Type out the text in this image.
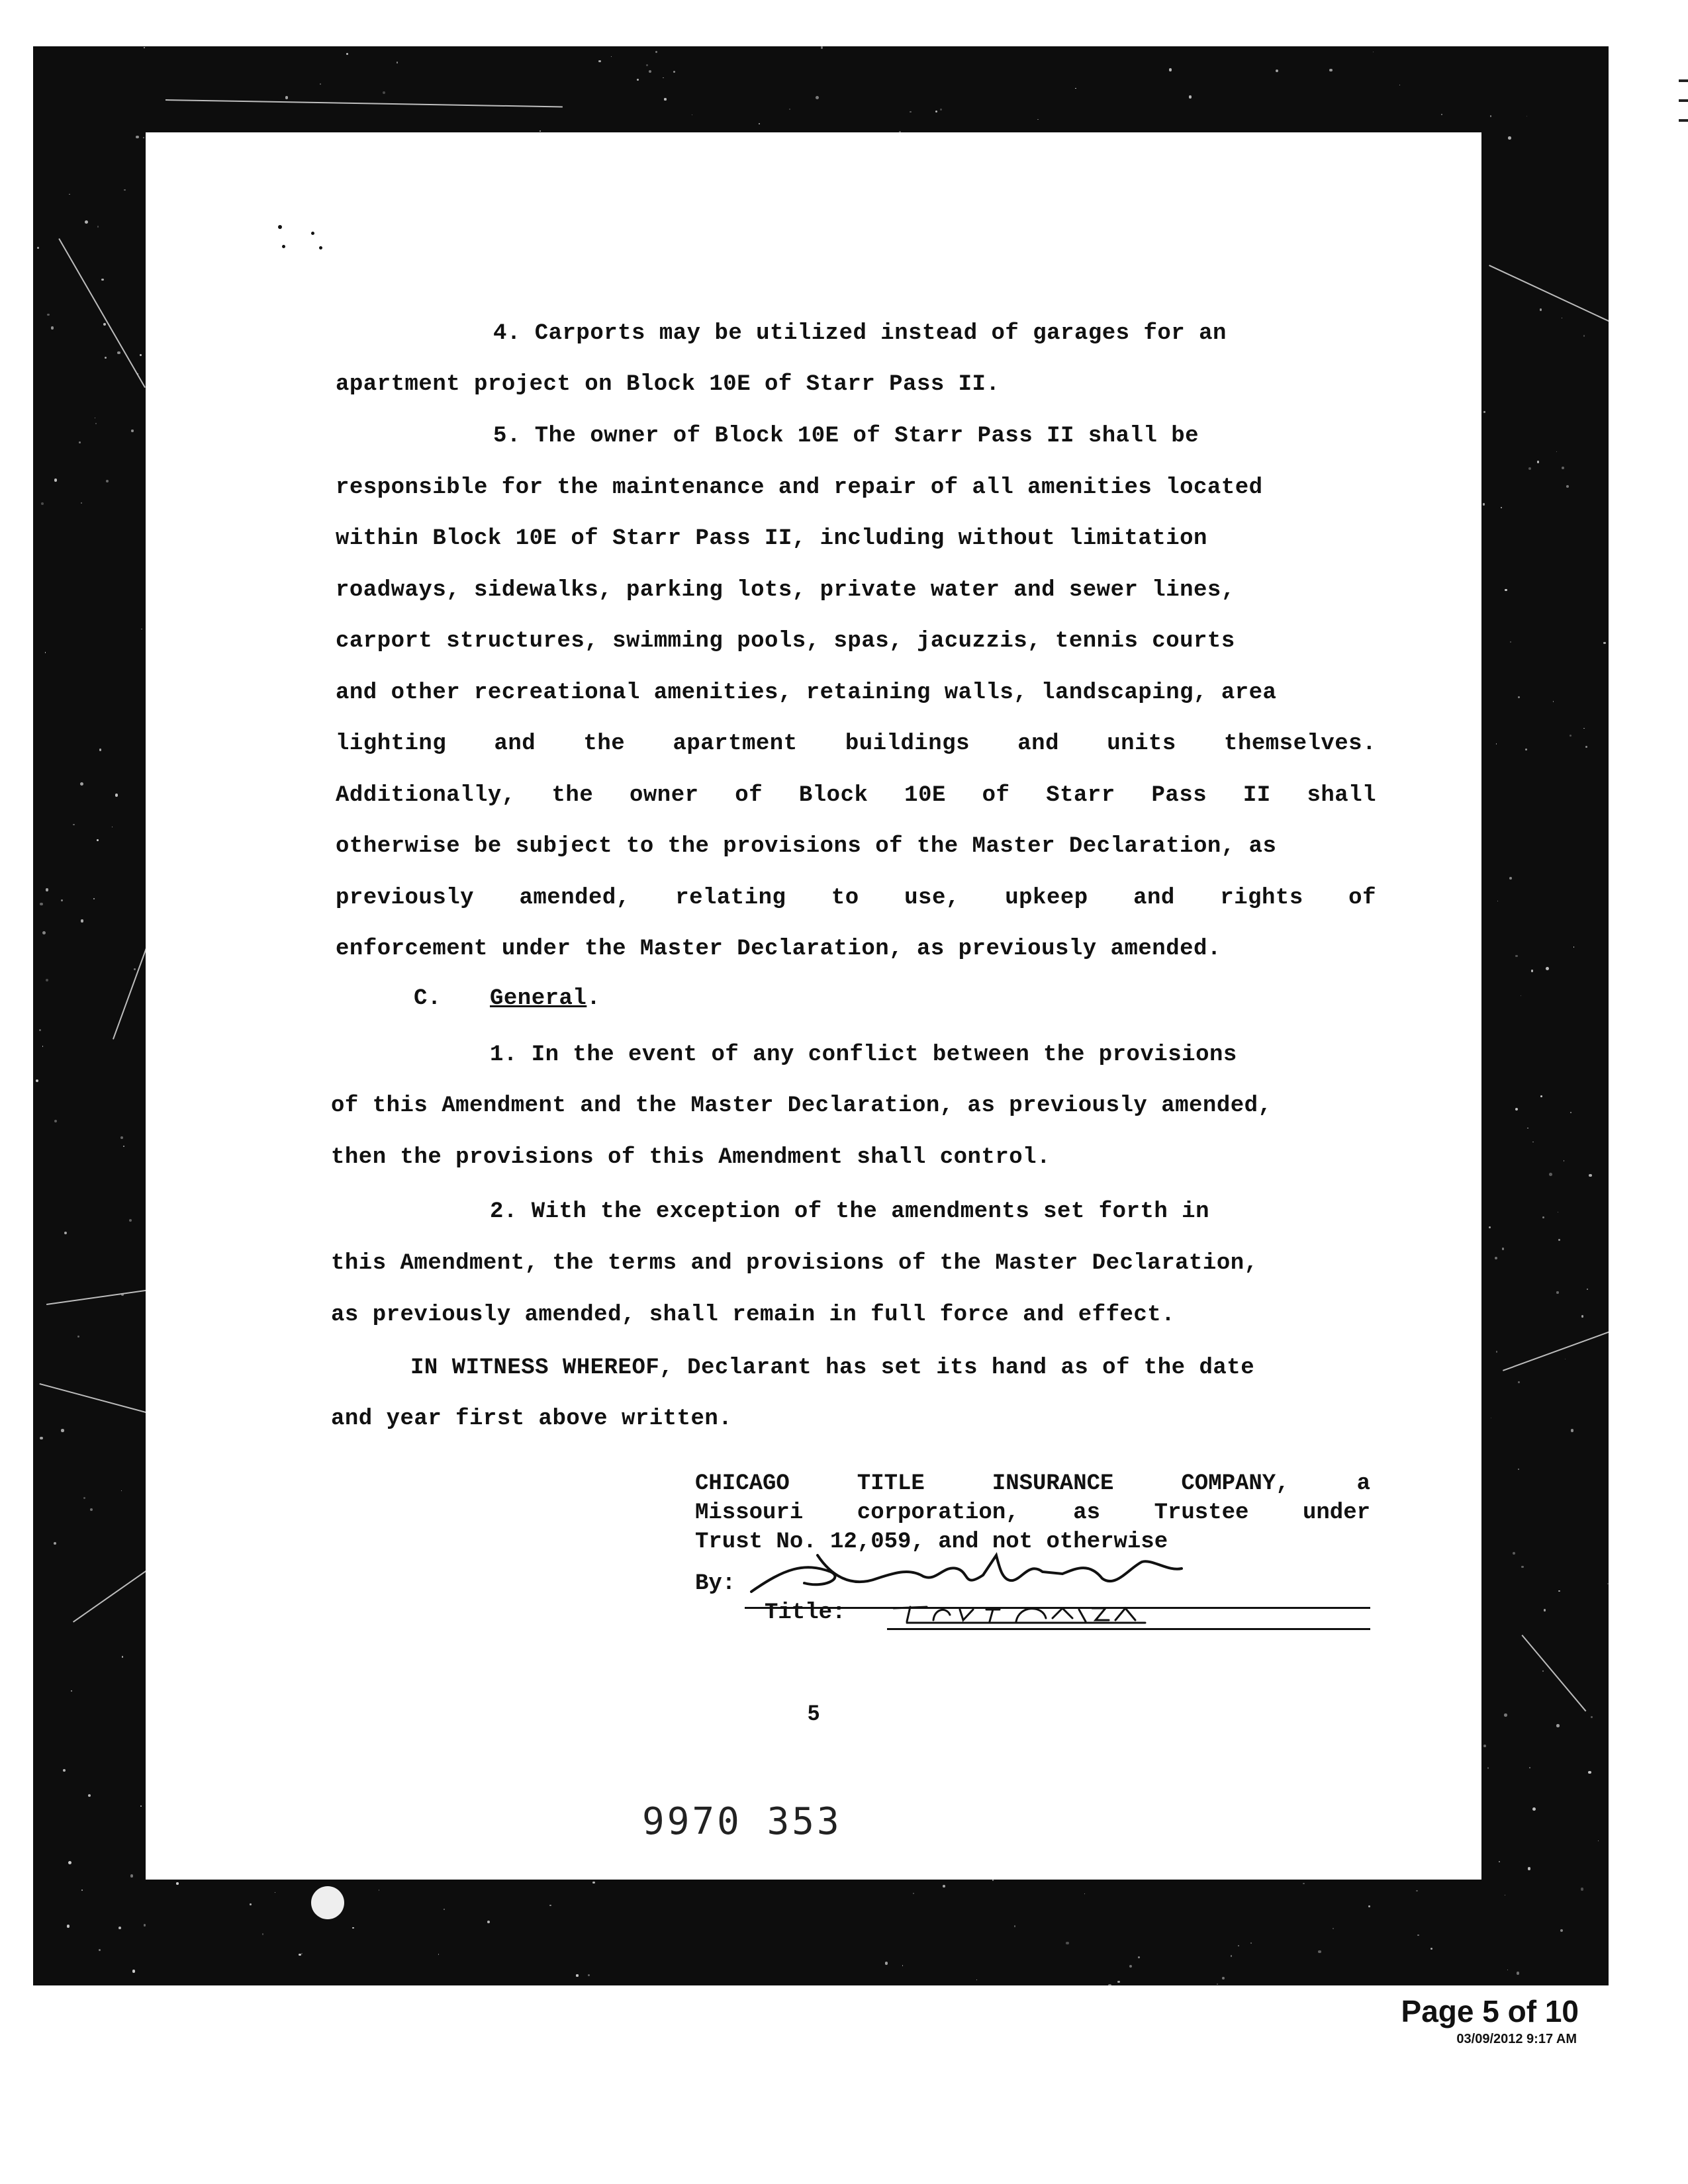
4. Carports may be utilized instead of garages for an
apartment project on Block 10E of Starr Pass II.
5. The owner of Block 10E of Starr Pass II shall be
responsible for the maintenance and repair of all amenities located
within Block 10E of Starr Pass II, including without limitation
roadways, sidewalks, parking lots, private water and sewer lines,
carport structures, swimming pools, spas, jacuzzis, tennis courts
and other recreational amenities, retaining walls, landscaping, area
lighting and the apartment buildings and units themselves.
Additionally, the owner of Block 10E of Starr Pass II shall
otherwise be subject to the provisions of the Master Declaration, as
previously amended, relating to use, upkeep and rights of
enforcement under the Master Declaration, as previously amended.
C. General.
1. In the event of any conflict between the provisions
of this Amendment and the Master Declaration, as previously amended,
then the provisions of this Amendment shall control.
2. With the exception of the amendments set forth in
this Amendment, the terms and provisions of the Master Declaration,
as previously amended, shall remain in full force and effect.
IN WITNESS WHEREOF, Declarant has set its hand as of the date
and year first above written.
CHICAGO TITLE INSURANCE COMPANY, a
Missouri corporation, as Trustee under
Trust No. 12,059, and not otherwise
By:
Title:
5
9970 353
Page 5 of 10
03/09/2012 9:17 AM
